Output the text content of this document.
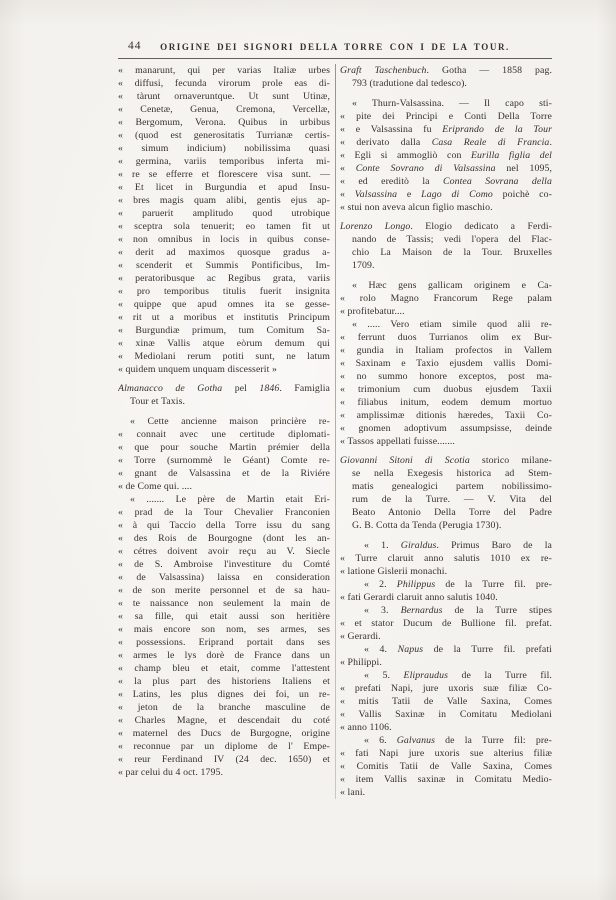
44	ORIGINE DEI SIGNORI DELLA TORRE CON I DE LA TOUR.
« manarunt, qui per varias Italiæ urbes
« diffusi, fecunda virorum prole eas di-
« tàrunt ornaveruntque. Ut sunt Utinæ,
« Cenetæ, Genua, Cremona, Vercellæ,
« Bergomum, Verona. Quibus in urbibus
« (quod est generositatis Turrianæ certis-
« simum indicium) nobilissima quasi
« germina, variis temporibus inferta mi-
« re se efferre et florescere visa sunt. —
« Et licet in Burgundia et apud Insu-
« bres magis quam alibi, gentis ejus ap-
« paruerit amplitudo quod utrobique
« sceptra sola tenuerit; eo tamen fit ut
« non omnibus in locis in quibus conse-
« derit ad maximos quosque gradus a-
« scenderit et Summis Pontificibus, Im-
« peratoribusque ac Regibus grata, variis
« pro temporibus titulis fuerit insignita
« quippe que apud omnes ita se gesse-
« rit ut a moribus et institutis Principum
« Burgundiæ primum, tum Comitum Sa-
« xinæ Vallis atque eòrum demum qui
« Mediolani rerum potiti sunt, ne latum
« quidem unquem unquam discesserit »
Almanacco de Gotha pel 1846. Famiglia
Tour et Taxis.
« Cette ancienne maison princière re-
« connait avec une certitude diplomati-
« que pour souche Martin prémier della
« Torre (surnommè le Géant) Comte re-
« gnant de Valsassina et de la Riviére
« de Come qui. ....
« ....... Le père de Martin etait Eri-
« prad de la Tour Chevalier Franconien
« à qui Taccio della Torre issu du sang
« des Rois de Bourgogne (dont les an-
« cétres doivent avoir reçu au V. Siecle
« de S. Ambroise l'investiture du Comté
« de Valsassina) laissa en consideration
« de son merite personnel et de sa hau-
« te naissance non seulement la main de
« sa fille, qui etait aussi son heritière
« mais encore son nom, ses armes, ses
« possessions. Eriprand portait dans ses
« armes le lys dorè de France dans un
« champ bleu et etait, comme l'attestent
« la plus part des historiens Italiens et
« Latins, les plus dignes dei foi, un re-
« jeton de la branche masculine de
« Charles Magne, et descendait du coté
« maternel des Ducs de Burgogne, origine
« reconnue par un diplome de l' Empe-
« reur Ferdinand IV (24 dec. 1650) et
« par celui du 4 oct. 1795.
Graft Taschenbuch. Gotha — 1858 pag.
793 (tradutione dal tedesco).
« Thurn-Valsassina. — Il capo sti-
« pite dei Principi e Conti Della Torre
« e Valsassina fu Eriprando de la Tour
« derivato dalla Casa Reale di Francia.
« Egli si ammogliò con Eurilla figlia del
« Conte Sovrano di Valsassina nel 1095,
« ed ereditò la Contea Sovrana della
« Valsassina e Lago di Como poichè co-
« stui non aveva alcun figlio maschio.
Lorenzo Longo. Elogio dedicato a Ferdi-
nando de Tassis; vedi l'opera del Flac-
chio La Maison de la Tour. Bruxelles
1709.
« Hæc gens gallicam originem e Ca-
« rolo Magno Francorum Rege palam
« profitebatur....
« ..... Vero etiam simile quod alii re-
« ferrunt duos Turrianos olim ex Bur-
« gundia in Italiam profectos in Vallem
« Saxinam e Taxio ejusdem vallis Domi-
« no summo honore exceptos, post ma-
« trimonium cum duobus ejusdem Taxii
« filiabus initum, eodem demum mortuo
« amplissimæ ditionis hæredes, Taxii Co-
« gnomen adoptivum assumpsisse, deinde
« Tassos appellati fuisse.......
Giovanni Sitoni di Scotia storico milane-
se nella Exegesis historica ad Stem-
matis genealogici partem nobilissimo-
rum de la Turre. — V. Vita del
Beato Antonio Della Torre del Padre
G. B. Cotta da Tenda (Perugia 1730).
« 1. Giraldus. Primus Baro de la
« Turre claruit anno salutis 1010 ex re-
« latione Gislerii monachi.
« 2. Philippus de la Turre fil. pre-
« fati Gerardi claruit anno salutis 1040.
« 3. Bernardus de la Turre stipes
« et stator Ducum de Bullione fil. prefat.
« Gerardi.
« 4. Napus de la Turre fil. prefati
« Philippi.
« 5. Elipraudus de la Turre fil.
« prefati Napi, jure uxoris suæ filiæ Co-
« mitis Tatii de Valle Saxina, Comes
« Vallis Saxinæ in Comitatu Mediolani
« anno 1106.
« 6. Galvanus de la Turre fil: pre-
« fati Napi jure uxoris sue alterius filiæ
« Comitis Tatii de Valle Saxina, Comes
« item Vallis saxinæ in Comitatu Medio-
« lani.
